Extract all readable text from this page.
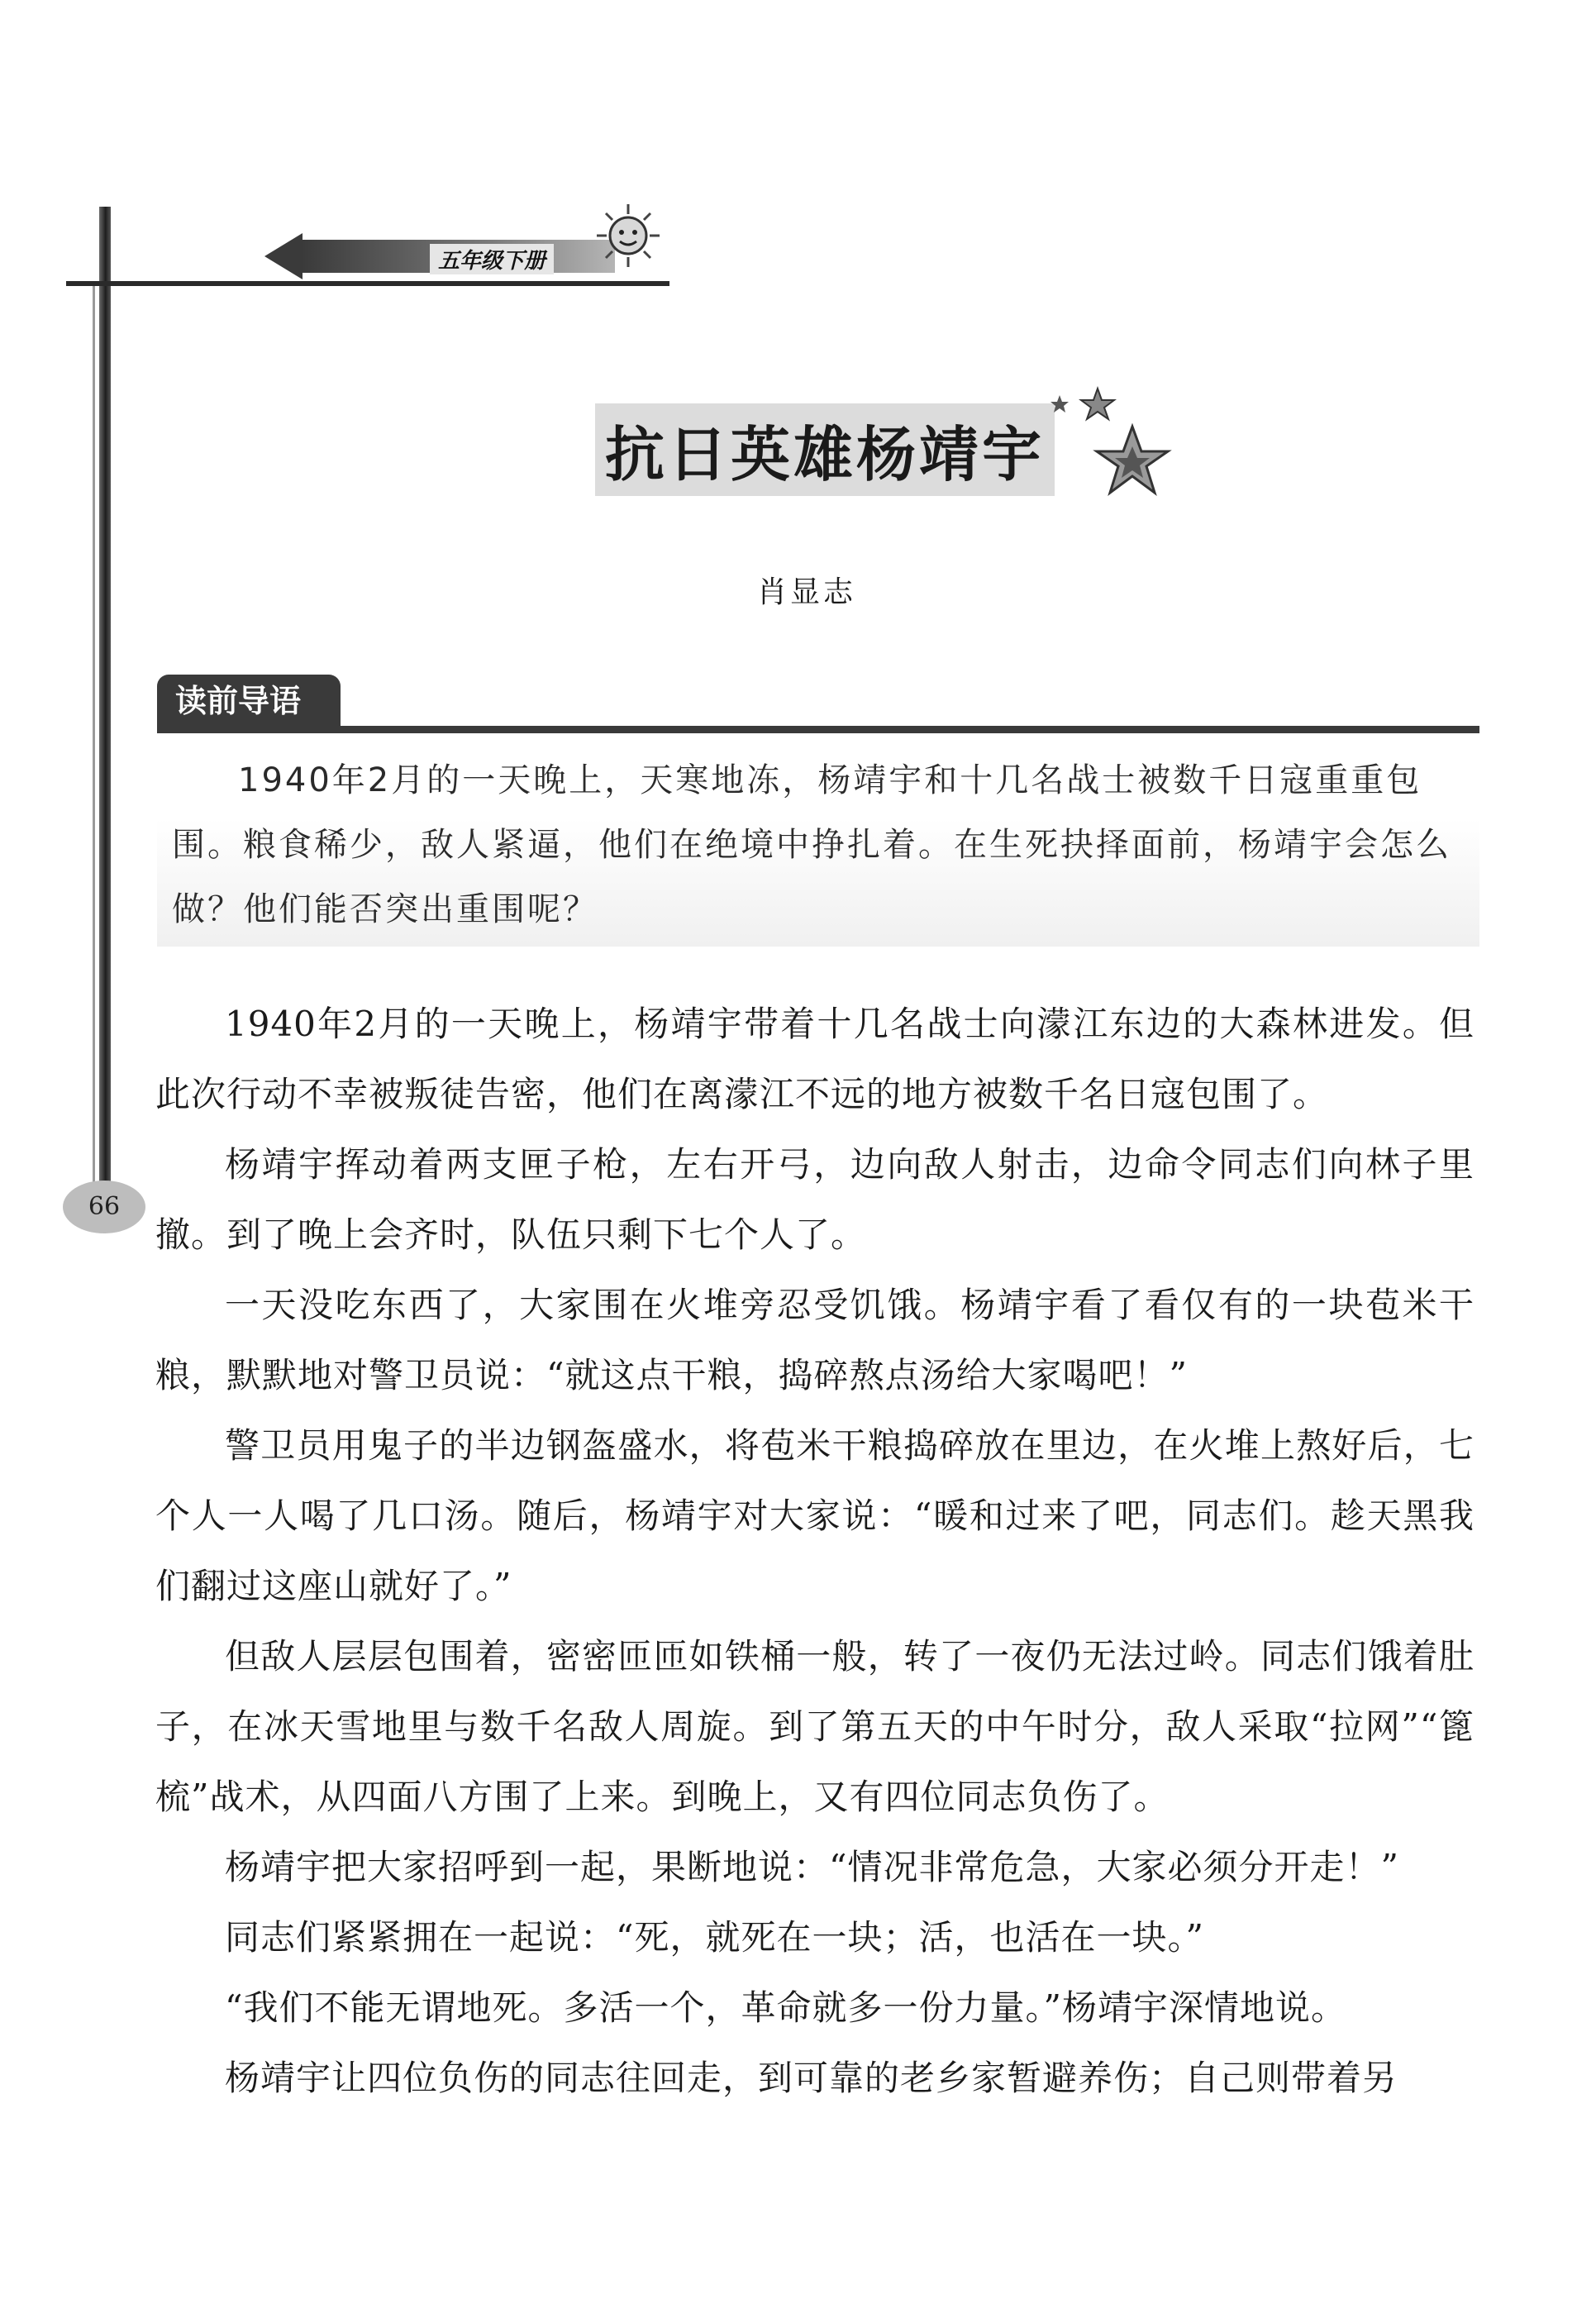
五年级下册
抗日英雄杨靖宇
肖显志
读前导语

1940年2月的一天晚上，天寒地冻，杨靖宇和十几名战士被数千日寇重重包围。粮食稀少，敌人紧逼，他们在绝境中挣扎着。在生死抉择面前，杨靖宇会怎么做？他们能否突出重围呢？

1940年2月的一天晚上，杨靖宇带着十几名战士向濛江东边的大森林进发。但此次行动不幸被叛徒告密，他们在离濛江不远的地方被数千名日寇包围了。

杨靖宇挥动着两支匣子枪，左右开弓，边向敌人射击，边命令同志们向林子里撤。到了晚上会齐时，队伍只剩下七个人了。

一天没吃东西了，大家围在火堆旁忍受饥饿。杨靖宇看了看仅有的一块苞米干粮，默默地对警卫员说：“就这点干粮，捣碎熬点汤给大家喝吧！”

警卫员用鬼子的半边钢盔盛水，将苞米干粮捣碎放在里边，在火堆上熬好后，七个人一人喝了几口汤。随后，杨靖宇对大家说：“暖和过来了吧，同志们。趁天黑我们翻过这座山就好了。”

但敌人层层包围着，密密匝匝如铁桶一般，转了一夜仍无法过岭。同志们饿着肚子，在冰天雪地里与数千名敌人周旋。到了第五天的中午时分，敌人采取“拉网”“篦梳”战术，从四面八方围了上来。到晚上，又有四位同志负伤了。

杨靖宇把大家招呼到一起，果断地说：“情况非常危急，大家必须分开走！”

同志们紧紧拥在一起说：“死，就死在一块；活，也活在一块。”

“我们不能无谓地死。多活一个，革命就多一份力量。”杨靖宇深情地说。

杨靖宇让四位负伤的同志往回走，到可靠的老乡家暂避养伤；自己则带着另

66
